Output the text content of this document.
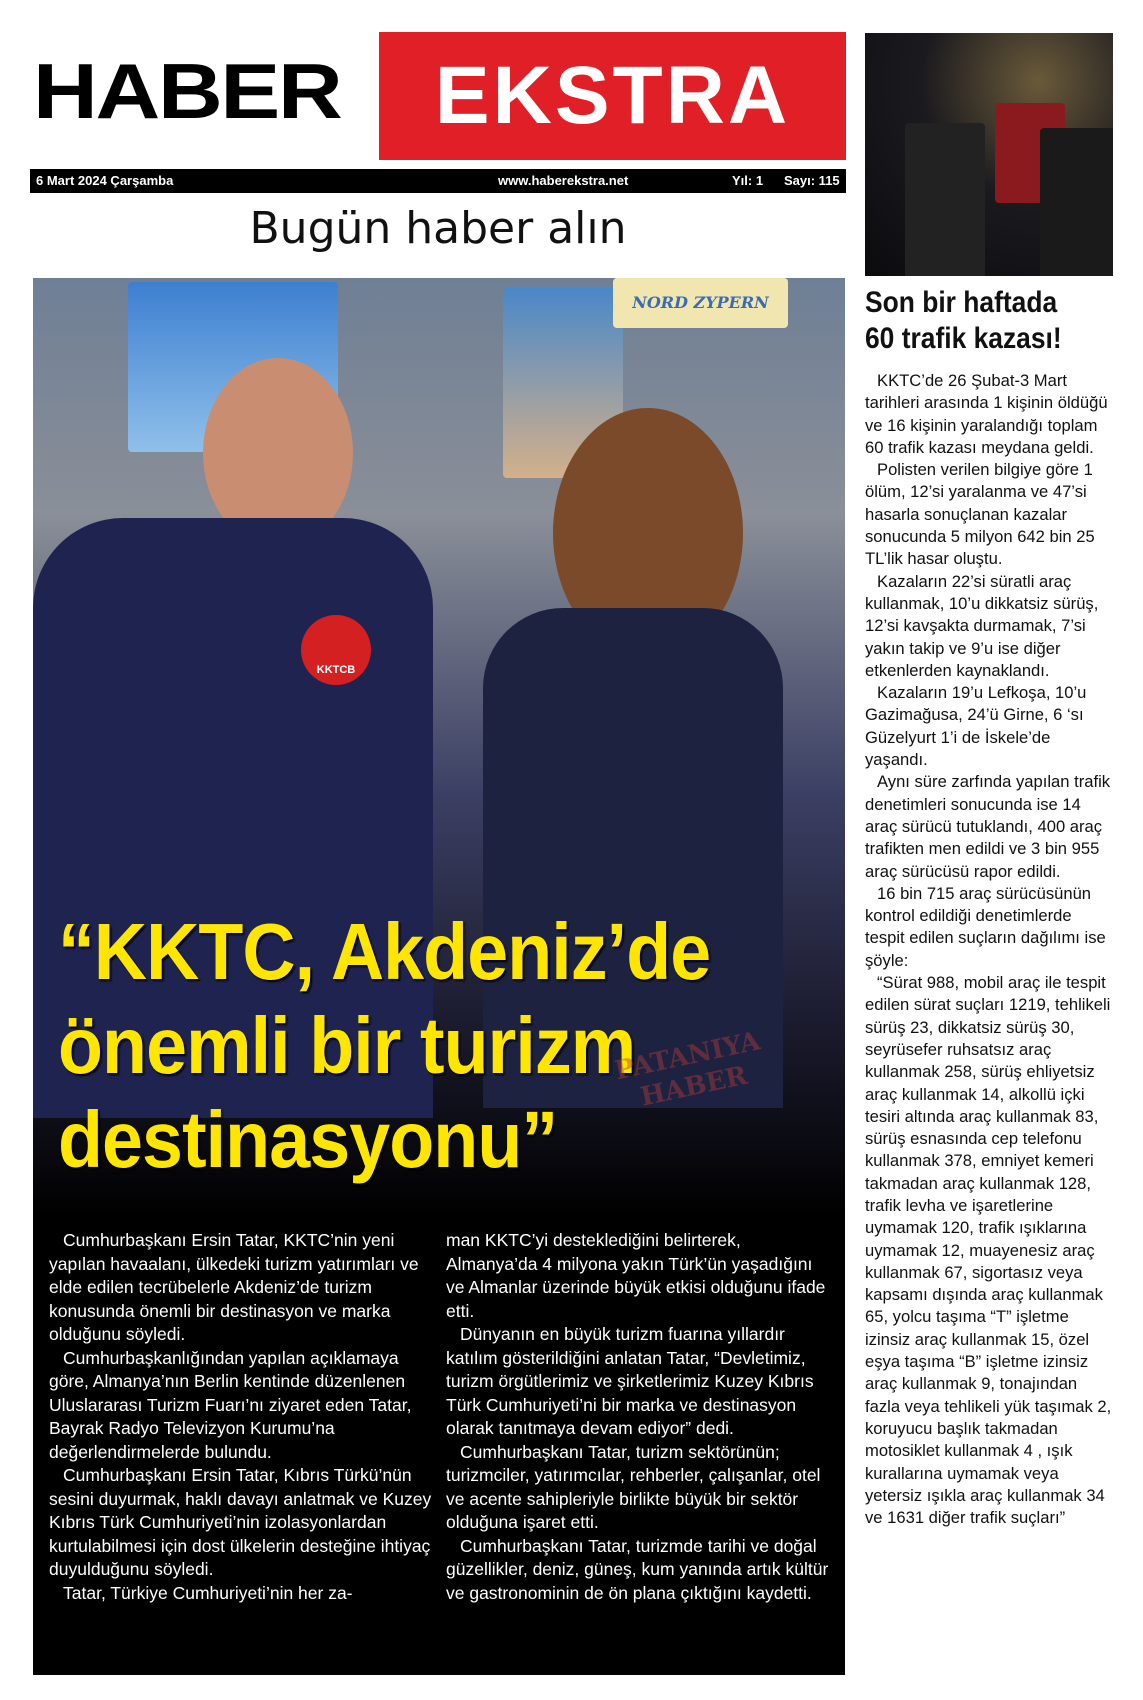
HABER EKSTRA
6 Mart 2024 Çarşamba	www.haberekstra.net	Yıl: 1 Sayı: 115
Bugün haber alın
NORD ZYPERN
KKTCB
“KKTC, Akdeniz’de önemli bir turizm destinasyonu”
PATANIYA HABER

Cumhurbaşkanı Ersin Tatar, KKTC’nin yeni yapılan havaalanı, ülkedeki turizm yatırımları ve elde edilen tecrübelerle Akdeniz’de turizm konusunda önemli bir destinasyon ve marka olduğunu söyledi.

Cumhurbaşkanlığından yapılan açıklamaya göre, Almanya’nın Berlin kentinde düzenlenen Uluslararası Turizm Fuarı’nı ziyaret eden Tatar, Bayrak Radyo Televizyon Kurumu’na değerlendirmelerde bulundu.

Cumhurbaşkanı Ersin Tatar, Kıbrıs Türkü’nün sesini duyurmak, haklı davayı anlatmak ve Kuzey Kıbrıs Türk Cumhuriyeti’nin izolasyonlardan kurtulabilmesi için dost ülkelerin desteğine ihtiyaç duyulduğunu söyledi.

Tatar, Türkiye Cumhuriyeti’nin her za-

man KKTC’yi desteklediğini belirterek, Almanya’da 4 milyona yakın Türk’ün yaşadığını ve Almanlar üzerinde büyük etkisi olduğunu ifade etti.

Dünyanın en büyük turizm fuarına yıllardır katılım gösterildiğini anlatan Tatar, “Devletimiz, turizm örgütlerimiz ve şirketlerimiz Kuzey Kıbrıs Türk Cumhuriyeti’ni bir marka ve destinasyon olarak tanıtmaya devam ediyor” dedi.

Cumhurbaşkanı Tatar, turizm sektörünün; turizmciler, yatırımcılar, rehberler, çalışanlar, otel ve acente sahipleriyle birlikte büyük bir sektör olduğuna işaret etti.

Cumhurbaşkanı Tatar, turizmde tarihi ve doğal güzellikler, deniz, güneş, kum yanında artık kültür ve gastronominin de ön plana çıktığını kaydetti.

Son bir haftada 60 trafik kazası!

KKTC’de 26 Şubat-3 Mart tarihleri arasında 1 kişinin öldüğü ve 16 kişinin yaralandığı toplam 60 trafik kazası meydana geldi.

Polisten verilen bilgiye göre 1 ölüm, 12’si yaralanma ve 47’si hasarla sonuçlanan kazalar sonucunda 5 milyon 642 bin 25 TL’lik hasar oluştu.

Kazaların 22’si süratli araç kullanmak, 10’u dikkatsiz sürüş, 12’si kavşakta durmamak, 7’si yakın takip ve 9’u ise diğer etkenlerden kaynaklandı.

Kazaların 19’u Lefkoşa, 10’u Gazimağusa, 24’ü Girne, 6 ‘sı Güzelyurt 1’i de İskele’de yaşandı.

Aynı süre zarfında yapılan trafik denetimleri sonucunda ise 14 araç sürücü tutuklandı, 400 araç trafikten men edildi ve 3 bin 955 araç sürücüsü rapor edildi.

16 bin 715 araç sürücüsünün kontrol edildiği denetimlerde tespit edilen suçların dağılımı ise şöyle:

“Sürat 988, mobil araç ile tespit edilen sürat suçları 1219, tehlikeli sürüş 23, dikkatsiz sürüş 30, seyrüsefer ruhsatsız araç kullanmak 258, sürüş ehliyetsiz araç kullanmak 14, alkollü içki tesiri altında araç kullanmak 83, sürüş esnasında cep telefonu kullanmak 378, emniyet kemeri takmadan araç kullanmak 128, trafik levha ve işaretlerine uymamak 120, trafik ışıklarına uymamak 12, muayenesiz araç kullanmak 67, sigortasız veya kapsamı dışında araç kullanmak 65, yolcu taşıma “T” işletme izinsiz araç kullanmak 15, özel eşya taşıma “B” işletme izinsiz araç kullanmak 9, tonajından fazla veya tehlikeli yük taşımak 2, koruyucu başlık takmadan motosiklet kullanmak 4 , ışık kurallarına uymamak veya yetersiz ışıkla araç kullanmak 34 ve 1631 diğer trafik suçları”
